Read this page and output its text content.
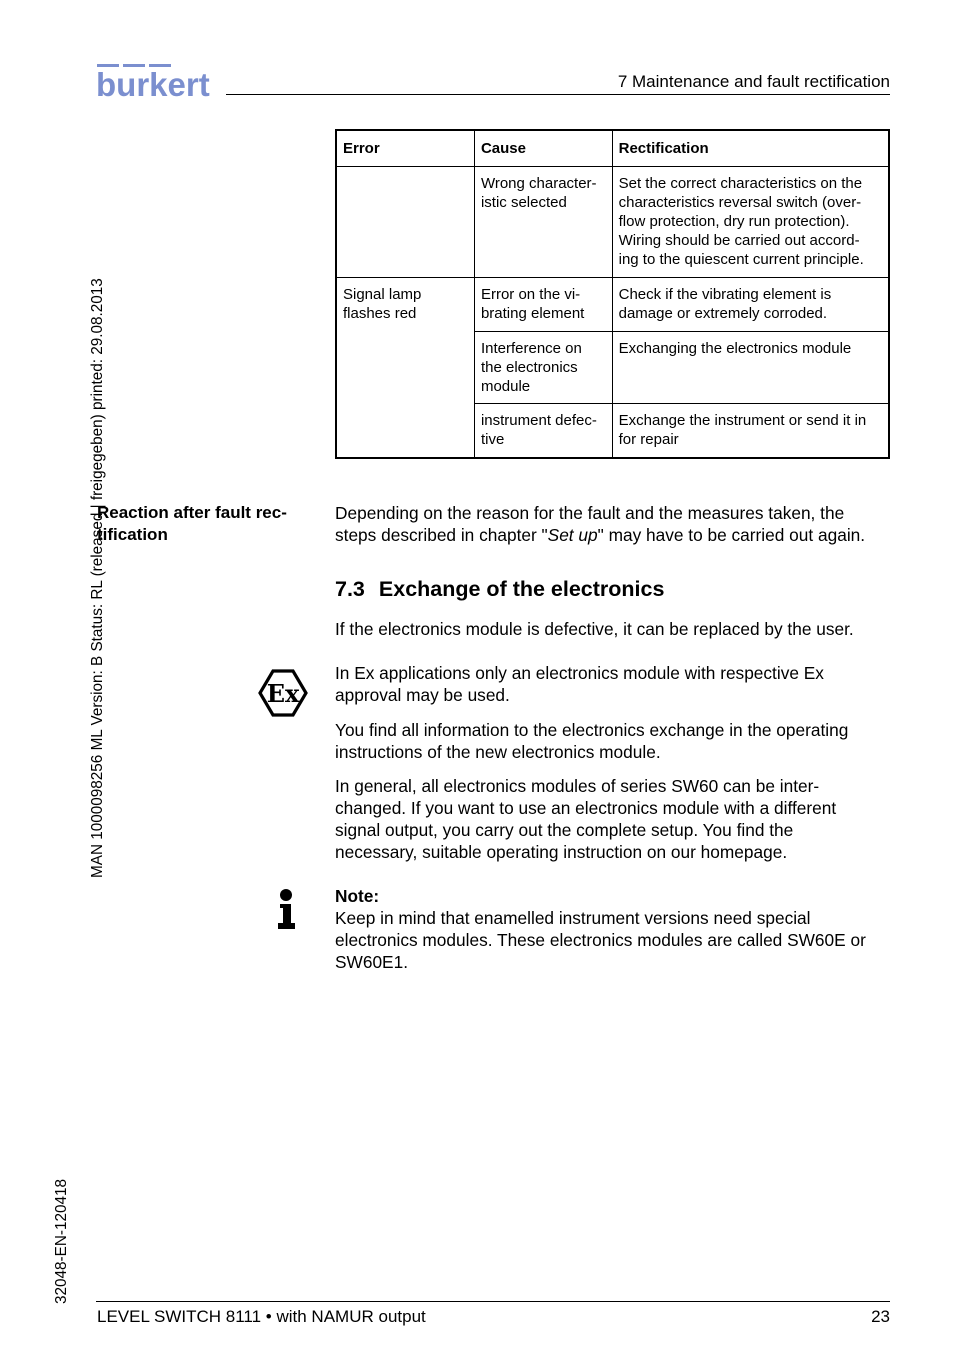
burkert	7 Maintenance and fault rectification
MAN 1000098256 ML Version: B Status: RL (released | freigegeben) printed: 29.08.2013
32048-EN-120418
Error	Cause	Rectification

	Wrong character-
istic selected	Set the correct characteristics on the
characteristics reversal switch (over-
flow protection, dry run protection).
Wiring should be carried out accord-
ing to the quiescent current principle.

Signal lamp
flashes red	Error on the vi-
brating element	Check if the vibrating element is
damage or extremely corroded.

	Interference on
the electronics
module	Exchanging the electronics module

	instrument defec-
tive	Exchange the instrument or send it in
for repair
Reaction after fault rec-
tification
Depending on the reason for the fault and the measures taken, the
steps described in chapter "Set up" may have to be carried out again.
7.3 Exchange of the electronics
If the electronics module is defective, it can be replaced by the user.
Ex
In Ex applications only an electronics module with respective Ex
approval may be used.
You find all information to the electronics exchange in the operating
instructions of the new electronics module.
In general, all electronics modules of series SW60 can be inter-
changed. If you want to use an electronics module with a different
signal output, you carry out the complete setup. You find the
necessary, suitable operating instruction on our homepage.
Note:
Keep in mind that enamelled instrument versions need special
electronics modules. These electronics modules are called SW60E or
SW60E1.
LEVEL SWITCH 8111 • with NAMUR output	23
